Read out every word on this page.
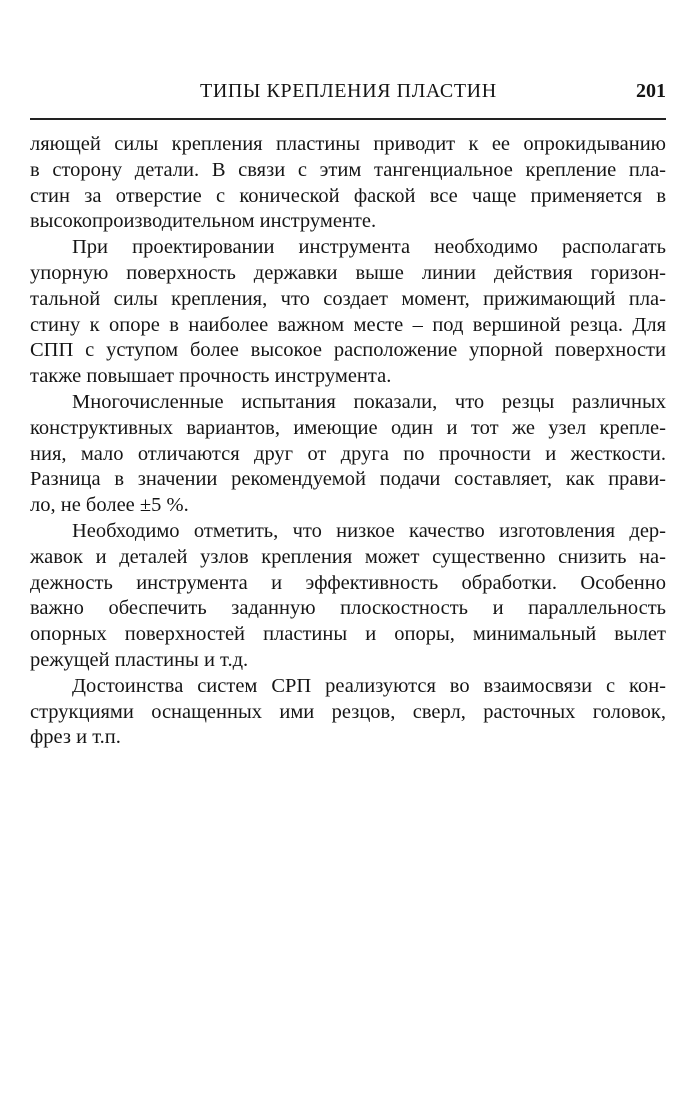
ТИПЫ КРЕПЛЕНИЯ ПЛАСТИН	201

ляющей силы крепления пластины приводит к ее опрокидыванию
в сторону детали. В связи с этим тангенциальное крепление пла-
стин за отверстие с конической фаской все чаще применяется в
высокопроизводительном инструменте.

При проектировании инструмента необходимо располагать
упорную поверхность державки выше линии действия горизон-
тальной силы крепления, что создает момент, прижимающий пла-
стину к опоре в наиболее важном месте – под вершиной резца. Для
СПП с уступом более высокое расположение упорной поверхности
также повышает прочность инструмента.

Многочисленные испытания показали, что резцы различных
конструктивных вариантов, имеющие один и тот же узел крепле-
ния, мало отличаются друг от друга по прочности и жесткости.
Разница в значении рекомендуемой подачи составляет, как прави-
ло, не более ±5 %.

Необходимо отметить, что низкое качество изготовления дер-
жавок и деталей узлов крепления может существенно снизить на-
дежность инструмента и эффективность обработки. Особенно
важно обеспечить заданную плоскостность и параллельность
опорных поверхностей пластины и опоры, минимальный вылет
режущей пластины и т.д.

Достоинства систем СРП реализуются во взаимосвязи с кон-
струкциями оснащенных ими резцов, сверл, расточных головок,
фрез и т.п.
